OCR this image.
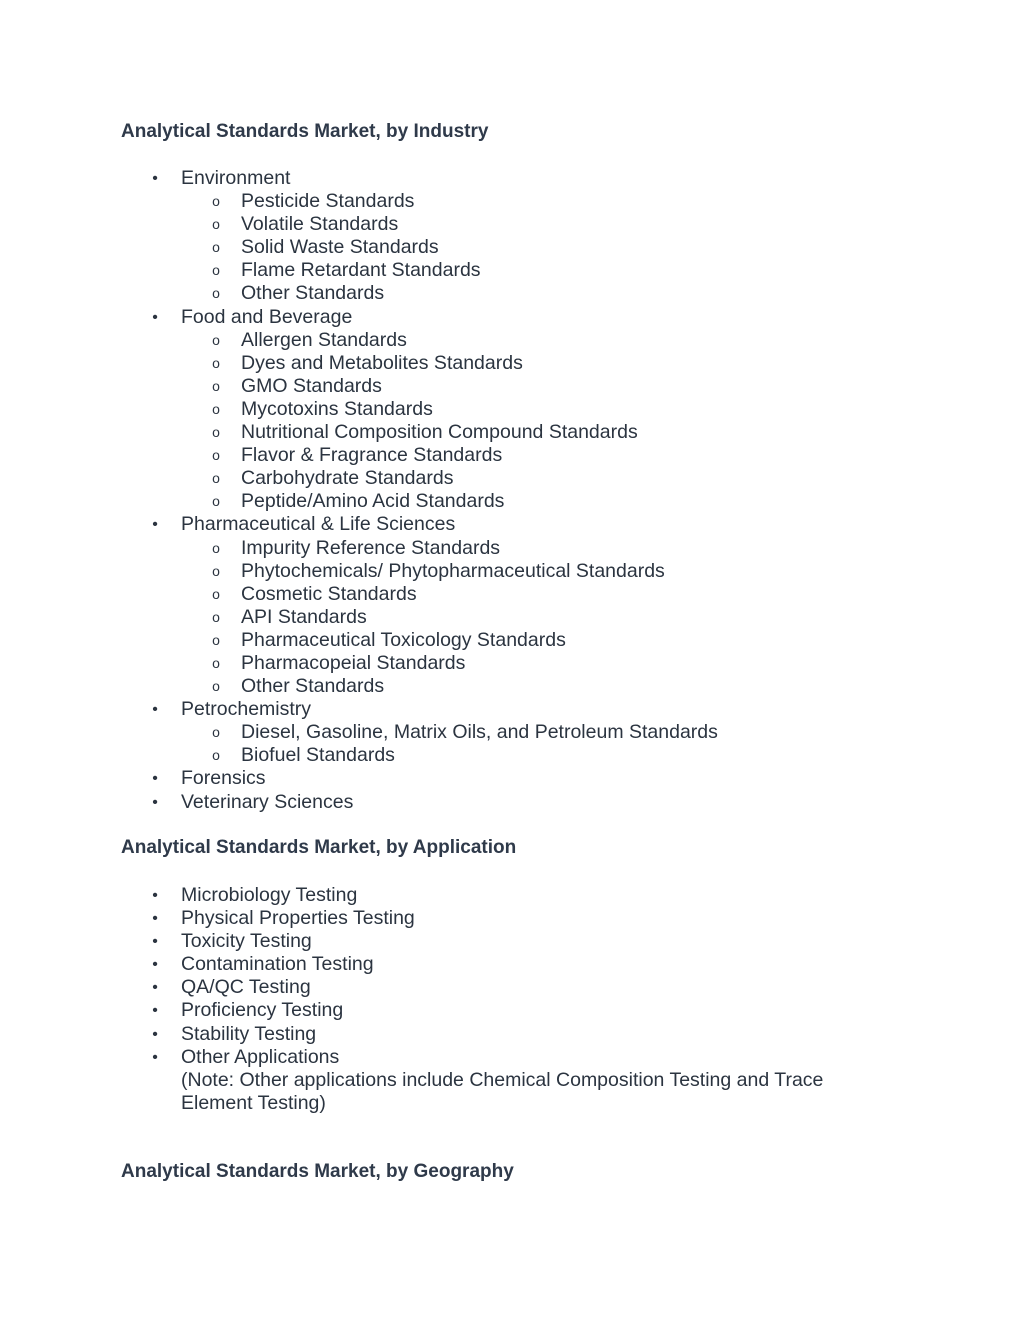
Analytical Standards Market, by Industry
• Environment
o Pesticide Standards
o Volatile Standards
o Solid Waste Standards
o Flame Retardant Standards
o Other Standards
• Food and Beverage
o Allergen Standards
o Dyes and Metabolites Standards
o GMO Standards
o Mycotoxins Standards
o Nutritional Composition Compound Standards
o Flavor & Fragrance Standards
o Carbohydrate Standards
o Peptide/Amino Acid Standards
• Pharmaceutical & Life Sciences
o Impurity Reference Standards
o Phytochemicals/ Phytopharmaceutical Standards
o Cosmetic Standards
o API Standards
o Pharmaceutical Toxicology Standards
o Pharmacopeial Standards
o Other Standards
• Petrochemistry
o Diesel, Gasoline, Matrix Oils, and Petroleum Standards
o Biofuel Standards
• Forensics
• Veterinary Sciences
Analytical Standards Market, by Application
• Microbiology Testing
• Physical Properties Testing
• Toxicity Testing
• Contamination Testing
• QA/QC Testing
• Proficiency Testing
• Stability Testing
• Other Applications
(Note: Other applications include Chemical Composition Testing and Trace
Element Testing)
Analytical Standards Market, by Geography
